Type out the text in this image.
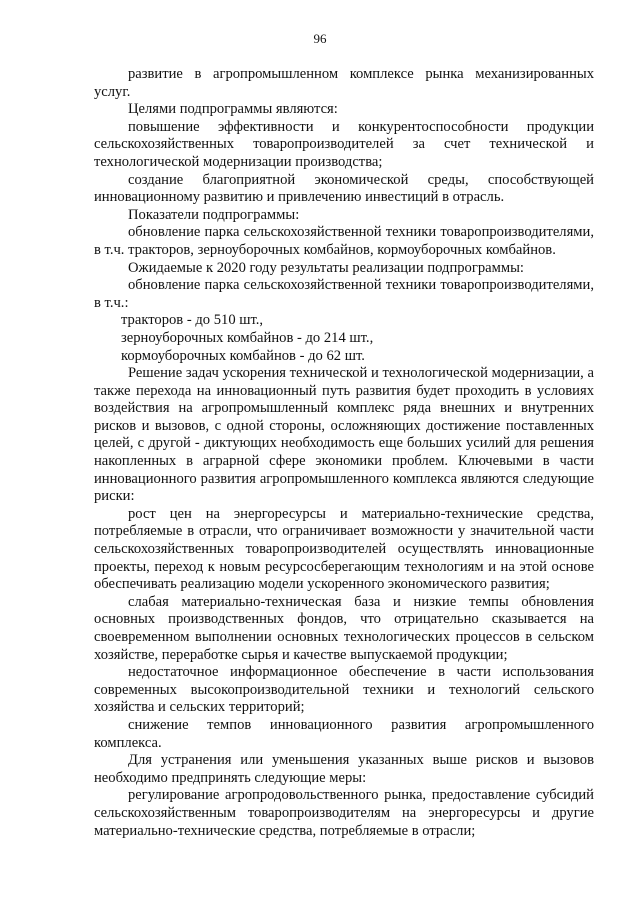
96

развитие в агропромышленном комплексе рынка механизированных услуг.

Целями подпрограммы являются:

повышение эффективности и конкурентоспособности продукции сельскохозяйственных товаропроизводителей за счет технической и технологической модернизации производства;

создание благоприятной экономической среды, способствующей инновационному развитию и привлечению инвестиций в отрасль.

Показатели подпрограммы:

обновление парка сельскохозяйственной техники товаропроизводителями, в т.ч. тракторов, зерноуборочных комбайнов, кормоуборочных комбайнов.

Ожидаемые к 2020 году результаты реализации подпрограммы:

обновление парка сельскохозяйственной техники товаропроизводителями, в т.ч.:

тракторов - до 510 шт.,

зерноуборочных комбайнов - до 214 шт.,

кормоуборочных комбайнов - до 62 шт.

Решение задач ускорения технической и технологической модернизации, а также перехода на инновационный путь развития будет проходить в условиях воздействия на агропромышленный комплекс ряда внешних и внутренних рисков и вызовов, с одной стороны, осложняющих достижение поставленных целей, с другой - диктующих необходимость еще больших усилий для решения накопленных в аграрной сфере экономики проблем. Ключевыми в части инновационного развития агропромышленного комплекса являются следующие риски:

рост цен на энергоресурсы и материально-технические средства, потребляемые в отрасли, что ограничивает возможности у значительной части сельскохозяйственных товаропроизводителей осуществлять инновационные проекты, переход к новым ресурсосберегающим технологиям и на этой основе обеспечивать реализацию модели ускоренного экономического развития;

слабая материально-техническая база и низкие темпы обновления основных производственных фондов, что отрицательно сказывается на своевременном выполнении основных технологических процессов в сельском хозяйстве, переработке сырья и качестве выпускаемой продукции;

недостаточное информационное обеспечение в части использования современных высокопроизводительной техники и технологий сельского хозяйства и сельских территорий;

снижение темпов инновационного развития агропромышленного комплекса.

Для устранения или уменьшения указанных выше рисков и вызовов необходимо предпринять следующие меры:

регулирование агропродовольственного рынка, предоставление субсидий сельскохозяйственным товаропроизводителям на энергоресурсы и другие материально-технические средства, потребляемые в отрасли;
